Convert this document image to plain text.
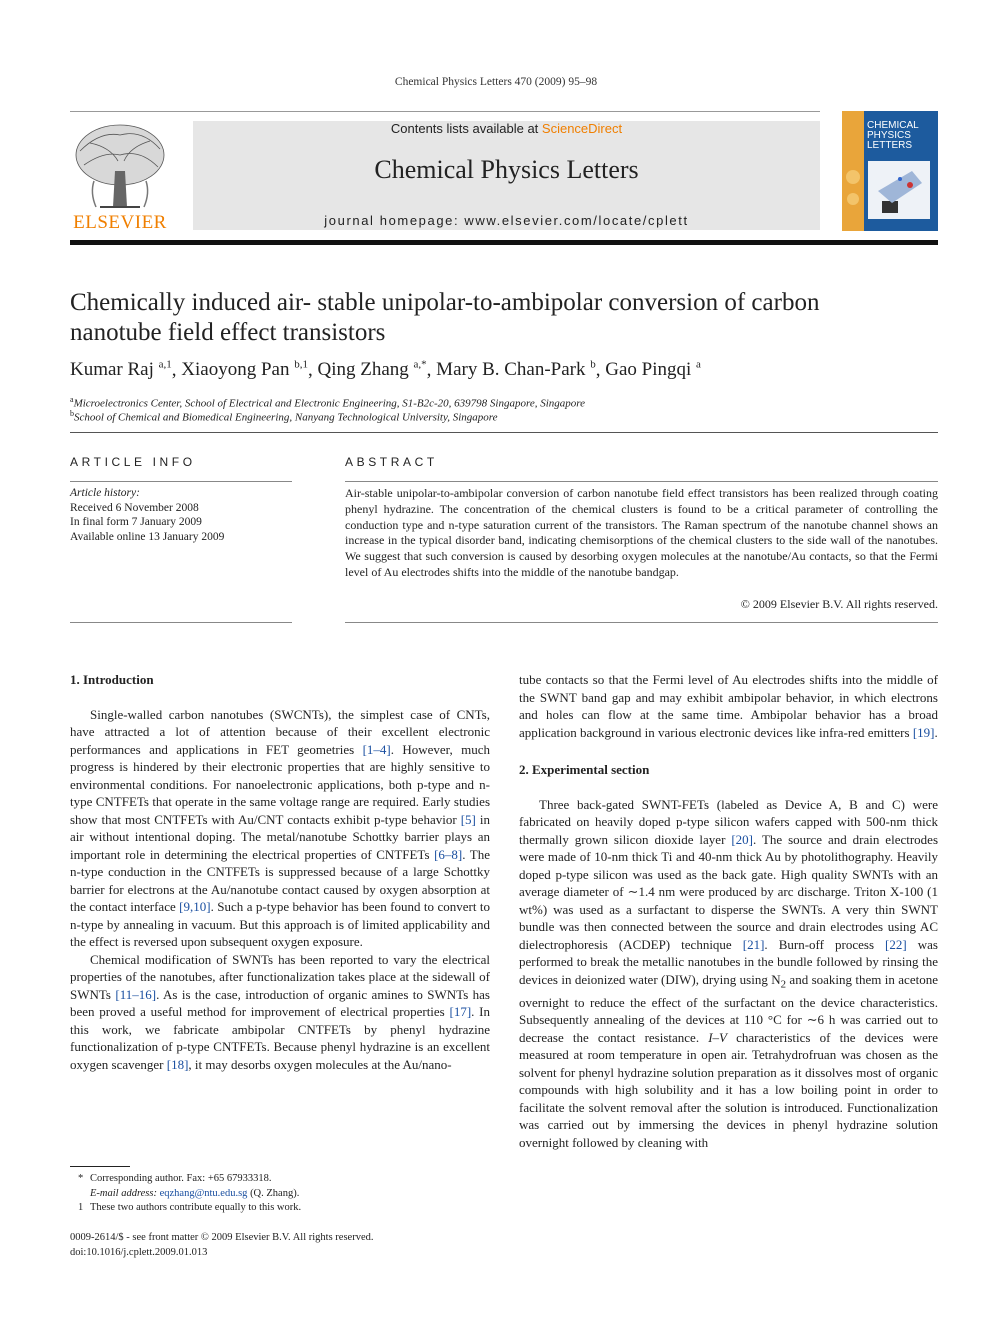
Chemical Physics Letters 470 (2009) 95–98
ELSEVIER
Contents lists available at ScienceDirect
Chemical Physics Letters
journal homepage: www.elsevier.com/locate/cplett
CHEMICAL
PHYSICS
LETTERS
Chemically induced air- stable unipolar-to-ambipolar conversion of carbon
nanotube field effect transistors
Kumar Raj $^{a,1}$, Xiaoyong Pan $^{b,1}$, Qing Zhang $^{a,*}$, Mary B. Chan-Park $^b$, Gao Pingqi $^a$
$^a$Microelectronics Center, School of Electrical and Electronic Engineering, S1-B2c-20, 639798 Singapore, Singapore
$^b$School of Chemical and Biomedical Engineering, Nanyang Technological University, Singapore
ARTICLE INFO
Article history:
Received 6 November 2008
In final form 7 January 2009
Available online 13 January 2009
ABSTRACT
Air-stable unipolar-to-ambipolar conversion of carbon nanotube field effect transistors has been realized through coating phenyl hydrazine. The concentration of the chemical clusters is found to be a critical parameter of controlling the conduction type and n-type saturation current of the transistors. The Raman spectrum of the nanotube channel shows an increase in the typical disorder band, indicating chemisorptions of the chemical clusters to the side wall of the nanotubes. We suggest that such conversion is caused by desorbing oxygen molecules at the nanotube/Au contacts, so that the Fermi level of Au electrodes shifts into the middle of the nanotube bandgap.
© 2009 Elsevier B.V. All rights reserved.
1. Introduction

Single-walled carbon nanotubes (SWCNTs), the simplest case of CNTs, have attracted a lot of attention because of their excellent electronic performances and applications in FET geometries [1–4]. However, much progress is hindered by their electronic properties that are highly sensitive to environmental conditions. For nanoelectronic applications, both p-type and n-type CNTFETs that operate in the same voltage range are required. Early studies show that most CNTFETs with Au/CNT contacts exhibit p-type behavior [5] in air without intentional doping. The metal/nanotube Schottky barrier plays an important role in determining the electrical properties of CNTFETs [6–8]. The n-type conduction in the CNTFETs is suppressed because of a large Schottky barrier for electrons at the Au/nanotube contact caused by oxygen absorption at the contact interface [9,10]. Such a p-type behavior has been found to convert to n-type by annealing in vacuum. But this approach is of limited applicability and the effect is reversed upon subsequent oxygen exposure.

Chemical modification of SWNTs has been reported to vary the electrical properties of the nanotubes, after functionalization takes place at the sidewall of SWNTs [11–16]. As is the case, introduction of organic amines to SWNTs has been proved a useful method for improvement of electrical properties [17]. In this work, we fabricate ambipolar CNTFETs by phenyl hydrazine functionalization of p-type CNTFETs. Because phenyl hydrazine is an excellent oxygen scavenger [18], it may desorbs oxygen molecules at the Au/nano-

tube contacts so that the Fermi level of Au electrodes shifts into the middle of the SWNT band gap and may exhibit ambipolar behavior, in which electrons and holes can flow at the same time. Ambipolar behavior has a broad application background in various electronic devices like infra-red emitters [19].

2. Experimental section

Three back-gated SWNT-FETs (labeled as Device A, B and C) were fabricated on heavily doped p-type silicon wafers capped with 500-nm thick thermally grown silicon dioxide layer [20]. The source and drain electrodes were made of 10-nm thick Ti and 40-nm thick Au by photolithography. Heavily doped p-type silicon was used as the back gate. High quality SWNTs with an average diameter of ∼1.4 nm were produced by arc discharge. Triton X-100 (1 wt%) was used as a surfactant to disperse the SWNTs. A very thin SWNT bundle was then connected between the source and drain electrodes using AC dielectrophoresis (ACDEP) technique [21]. Burn-off process [22] was performed to break the metallic nanotubes in the bundle followed by rinsing the devices in deionized water (DIW), drying using $N_2$ and soaking them in acetone overnight to reduce the effect of the surfactant on the device characteristics. Subsequently annealing of the devices at 110 °C for ∼6 h was carried out to decrease the contact resistance. I–V characteristics of the devices were measured at room temperature in open air. Tetrahydrofruan was chosen as the solvent for phenyl hydrazine solution preparation as it dissolves most of organic compounds with high solubility and it has a low boiling point in order to facilitate the solvent removal after the solution is introduced. Functionalization was carried out by immersing the devices in phenyl hydrazine solution overnight followed by cleaning with

* Corresponding author. Fax: +65 67933318.
E-mail address: eqzhang@ntu.edu.sg (Q. Zhang).
1 These two authors contribute equally to this work.
0009-2614/$ - see front matter © 2009 Elsevier B.V. All rights reserved.
doi:10.1016/j.cplett.2009.01.013
